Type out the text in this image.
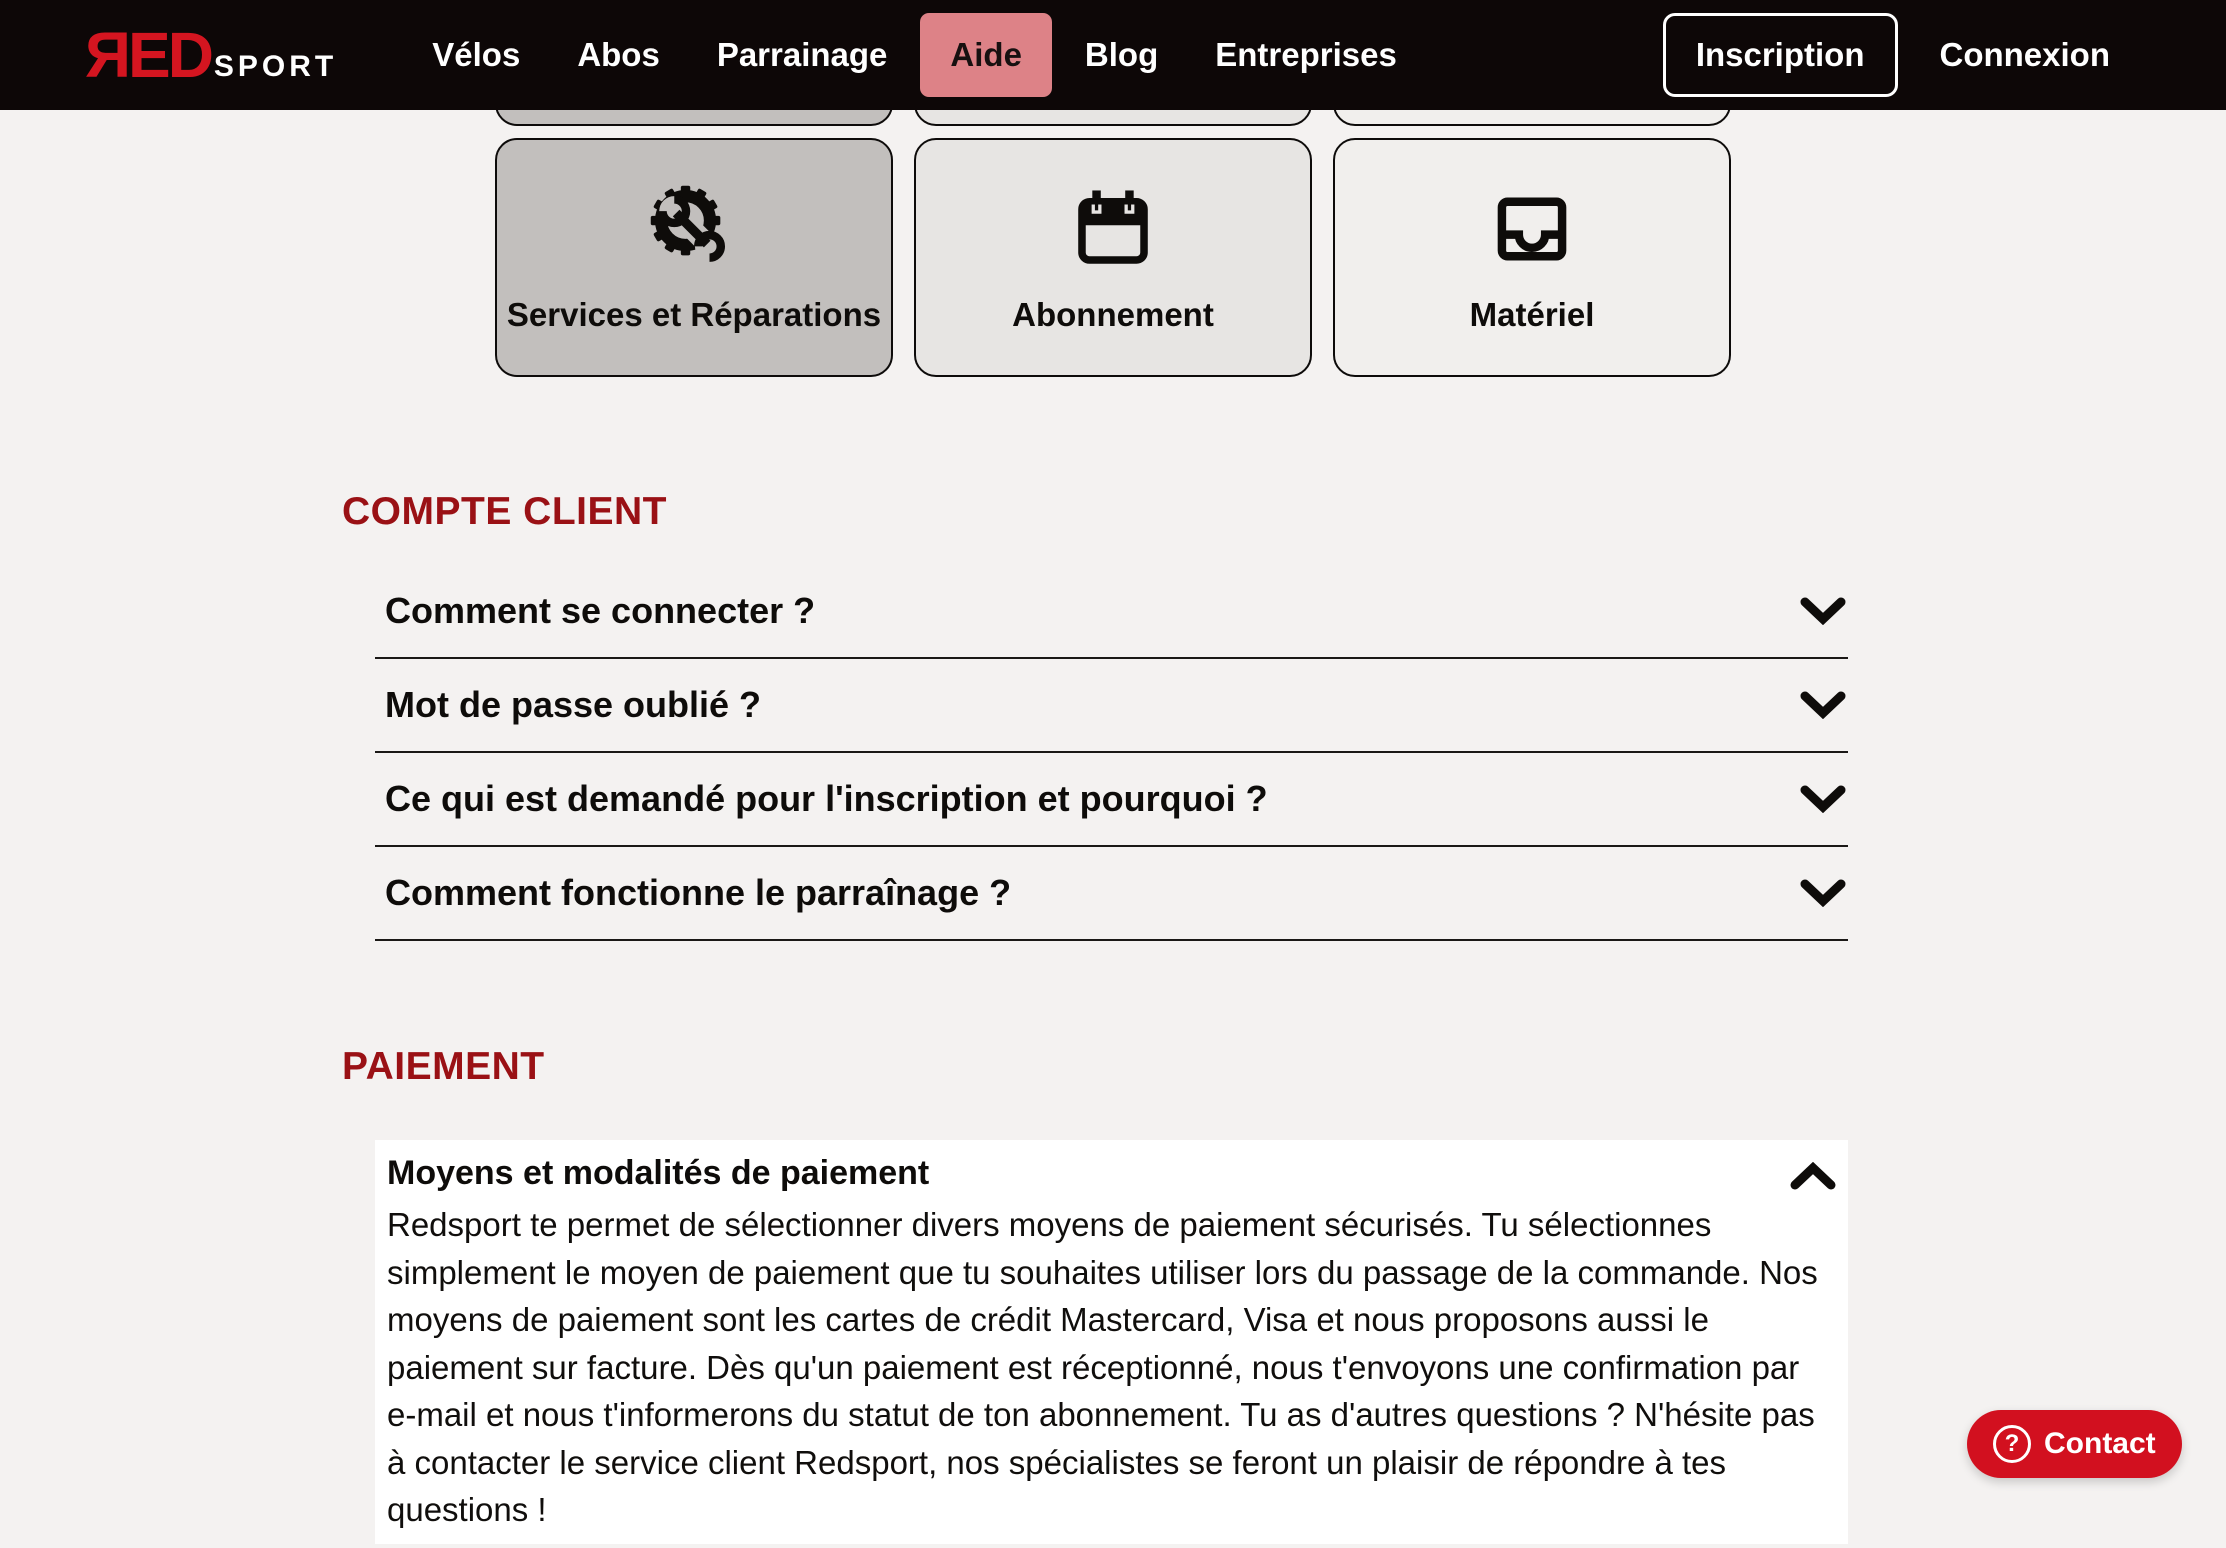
ЯED SPORT	Vélos Abos Parrainage	Aide	Blog Entreprises	Inscription	Connexion
Services et Réparations	Abonnement	Matériel
COMPTE CLIENT
Comment se connecter ?
Mot de passe oublié ?
Ce qui est demandé pour l'inscription et pourquoi ?
Comment fonctionne le parraînage ?
PAIEMENT
Moyens et modalités de paiement
Redsport te permet de sélectionner divers moyens de paiement sécurisés. Tu sélectionnes simplement le moyen de paiement que tu souhaites utiliser lors du passage de la commande. Nos moyens de paiement sont les cartes de crédit Mastercard, Visa et nous proposons aussi le paiement sur facture. Dès qu'un paiement est réceptionné, nous t'envoyons une confirmation par e-mail et nous t'informerons du statut de ton abonnement. Tu as d'autres questions ? N'hésite pas à contacter le service client Redsport, nos spécialistes se feront un plaisir de répondre à tes questions !
? Contact
